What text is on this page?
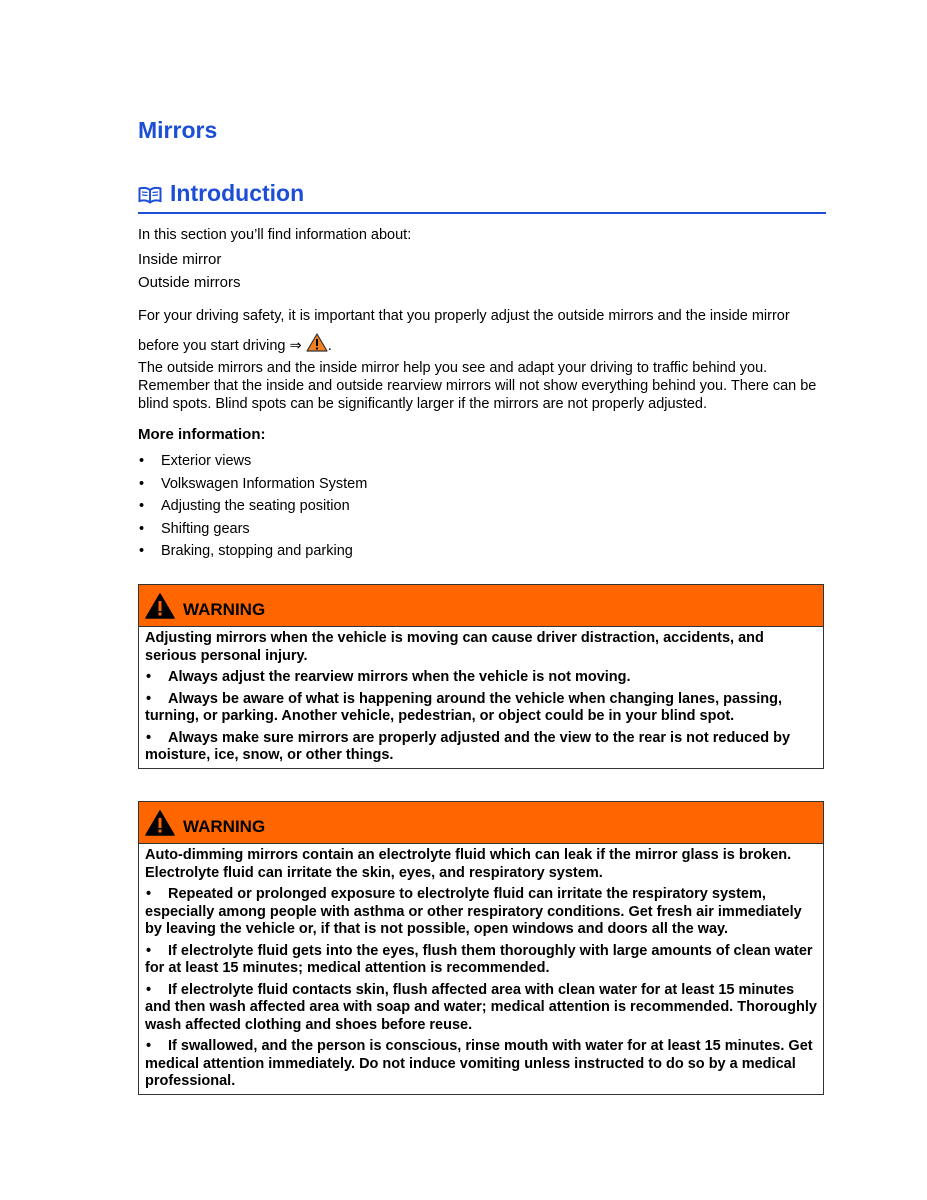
Mirrors
Introduction
In this section you’ll find information about:
Inside mirror
Outside mirrors
For your driving safety, it is important that you properly adjust the outside mirrors and the inside mirror
before you start driving ⇒ .
The outside mirrors and the inside mirror help you see and adapt your driving to traffic behind you. Remember that the inside and outside rearview mirrors will not show everything behind you. There can be blind spots. Blind spots can be significantly larger if the mirrors are not properly adjusted.
More information:
•	Exterior views
•	Volkswagen Information System
•	Adjusting the seating position
•	Shifting gears
•	Braking, stopping and parking
WARNING
Adjusting mirrors when the vehicle is moving can cause driver distraction, accidents, and serious personal injury.
• Always adjust the rearview mirrors when the vehicle is not moving.
• Always be aware of what is happening around the vehicle when changing lanes, passing, turning, or parking. Another vehicle, pedestrian, or object could be in your blind spot.
• Always make sure mirrors are properly adjusted and the view to the rear is not reduced by moisture, ice, snow, or other things.
WARNING
Auto-dimming mirrors contain an electrolyte fluid which can leak if the mirror glass is broken. Electrolyte fluid can irritate the skin, eyes, and respiratory system.
• Repeated or prolonged exposure to electrolyte fluid can irritate the respiratory system, especially among people with asthma or other respiratory conditions. Get fresh air immediately by leaving the vehicle or, if that is not possible, open windows and doors all the way.
• If electrolyte fluid gets into the eyes, flush them thoroughly with large amounts of clean water for at least 15 minutes; medical attention is recommended.
• If electrolyte fluid contacts skin, flush affected area with clean water for at least 15 minutes and then wash affected area with soap and water; medical attention is recommended. Thoroughly wash affected clothing and shoes before reuse.
• If swallowed, and the person is conscious, rinse mouth with water for at least 15 minutes. Get medical attention immediately. Do not induce vomiting unless instructed to do so by a medical professional.
